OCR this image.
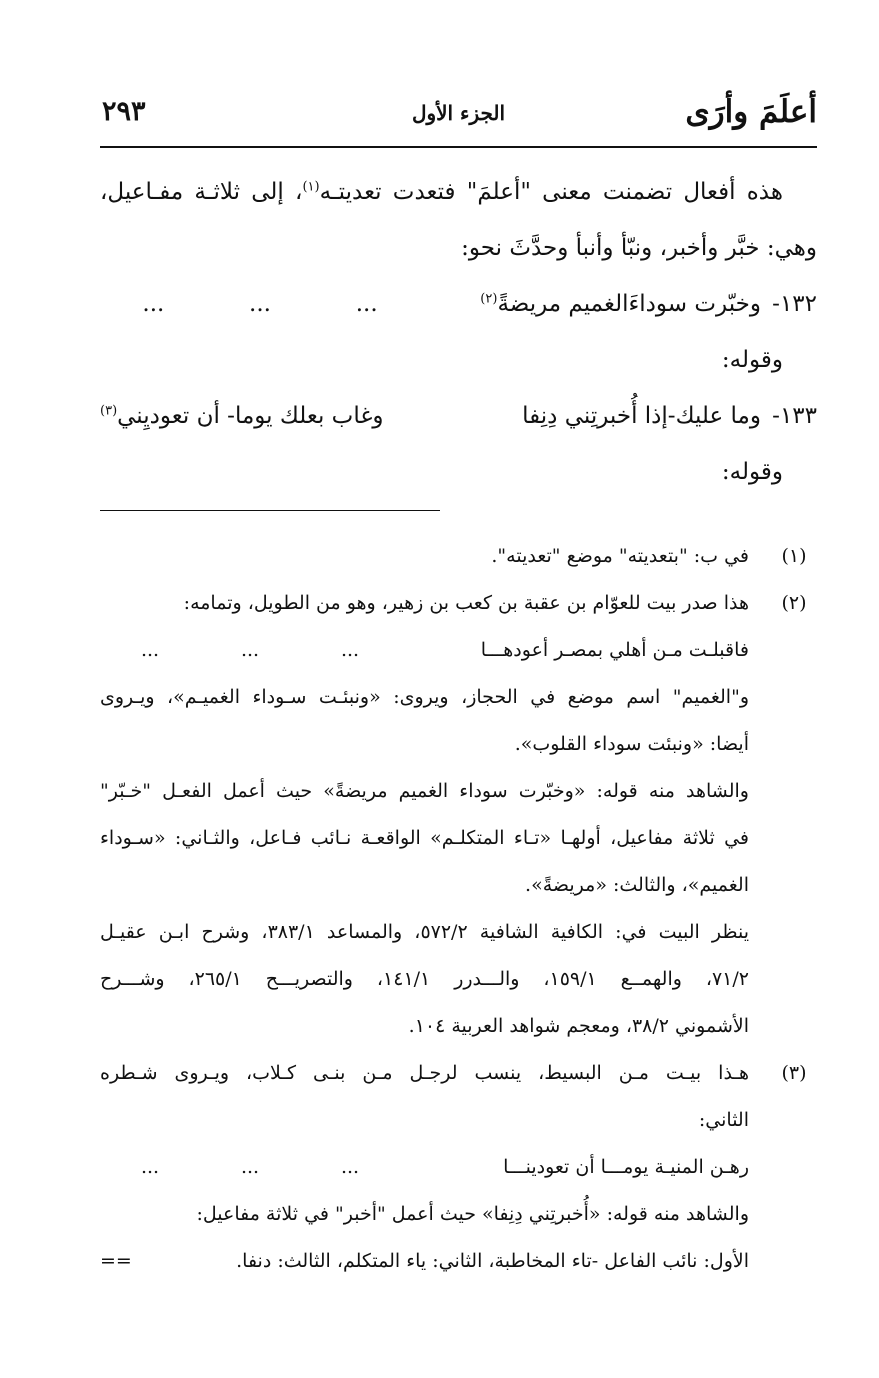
أعلَمَ وأرَى
الجزء الأول
٢٩٣
هذه أفعال تضمنت معنى "أعلمَ" فتعدت تعديتـه$^{(١)}$، إلى ثلاثـة مفـاعيل،
وهي: خبَّر وأخبر، ونبّأ وأنبأ وحدَّثَ نحو:
١٣٢-
وخبّرت سوداءَالغميم مريضةً$^{(٢)}$
...
...
...
وقوله:
١٣٣-
وما عليك-إذا أُخبرتِني دِنِفا
وغاب بعلك يوما- أن تعوديِني$^{(٣)}$
وقوله:
(١)
في ب: "بتعديته" موضع "تعديته".
(٢)
هذا صدر بيت للعوّام بن عقبة بن كعب بن زهير، وهو من الطويل، وتمامه:
فاقبلـت مـن أهلي بمصـر أعودهـــا
...
...
...
و"الغميم" اسم موضع في الحجاز، ويروى: «ونبئـت سـوداء الغميـم»، ويـروى
أيضا: «ونبئت سوداء القلوب».
والشاهد منه قوله: «وخبّرت سوداء الغميم مريضةً» حيث أعمل الفعـل "خـبّر"
في ثلاثة مفاعيل، أولهـا «تـاء المتكلـم» الواقعـة نـائب فـاعل، والثـاني: «سـوداء
الغميم»، والثالث: «مريضةً».
ينظر البيت في: الكافية الشافية ٥٧٢/٢، والمساعد ٣٨٣/١، وشرح ابـن عقيـل
٧١/٢، والهمــع ١٥٩/١، والـــدرر ١٤١/١، والتصريـــح ٢٦٥/١، وشـــرح
الأشموني ٣٨/٢، ومعجم شواهد العربية ١٠٤.
(٣)
هـذا بيـت مـن البسيط، ينسب لرجـل مـن بنـى كـلاب، ويـروى شـطره
الثاني:
رهـن المنيـة يومـــا أن تعودينـــا
...
...
...
والشاهد منه قوله: «أُخبرتِني دِنِفا» حيث أعمل "أخبر" في ثلاثة مفاعيل:
الأول: نائب الفاعل -تاء المخاطبة، الثاني: ياء المتكلم، الثالث: دنفا.
==
